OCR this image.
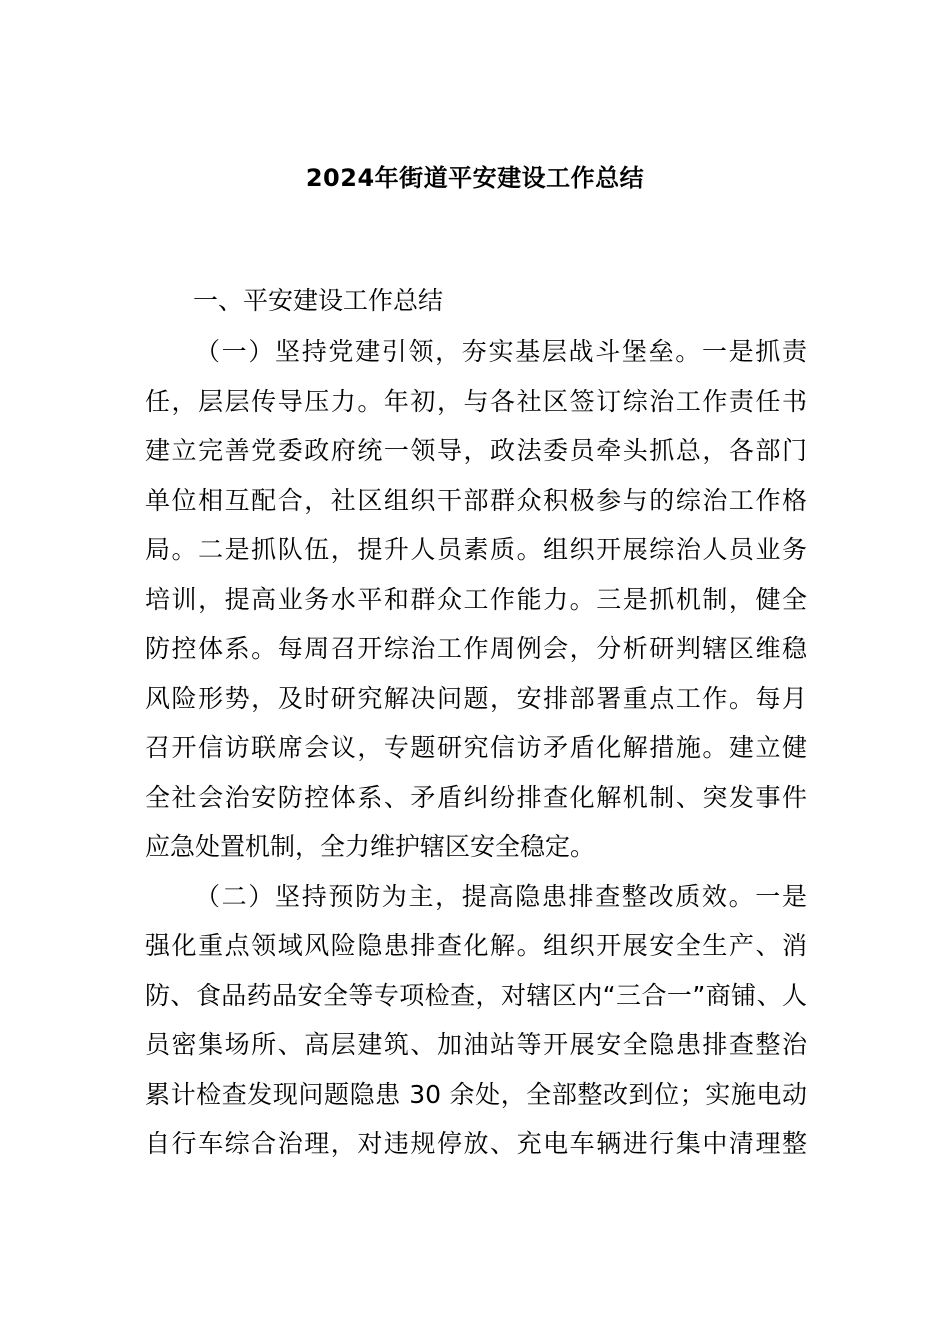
2024年街道平安建设工作总结
一、平安建设工作总结
（一）坚持党建引领，夯实基层战斗堡垒。一是抓责
任，层层传导压力。年初，与各社区签订综治工作责任书
建立完善党委政府统一领导，政法委员牵头抓总，各部门
单位相互配合，社区组织干部群众积极参与的综治工作格
局。二是抓队伍，提升人员素质。组织开展综治人员业务
培训，提高业务水平和群众工作能力。三是抓机制，健全
防控体系。每周召开综治工作周例会，分析研判辖区维稳
风险形势，及时研究解决问题，安排部署重点工作。每月
召开信访联席会议，专题研究信访矛盾化解措施。建立健
全社会治安防控体系、矛盾纠纷排查化解机制、突发事件
应急处置机制，全力维护辖区安全稳定。
（二）坚持预防为主，提高隐患排查整改质效。一是
强化重点领域风险隐患排查化解。组织开展安全生产、消
防、食品药品安全等专项检查，对辖区内“三合一”商铺、人
员密集场所、高层建筑、加油站等开展安全隐患排查整治
累计检查发现问题隐患 30 余处，全部整改到位；实施电动
自行车综合治理，对违规停放、充电车辆进行集中清理整
